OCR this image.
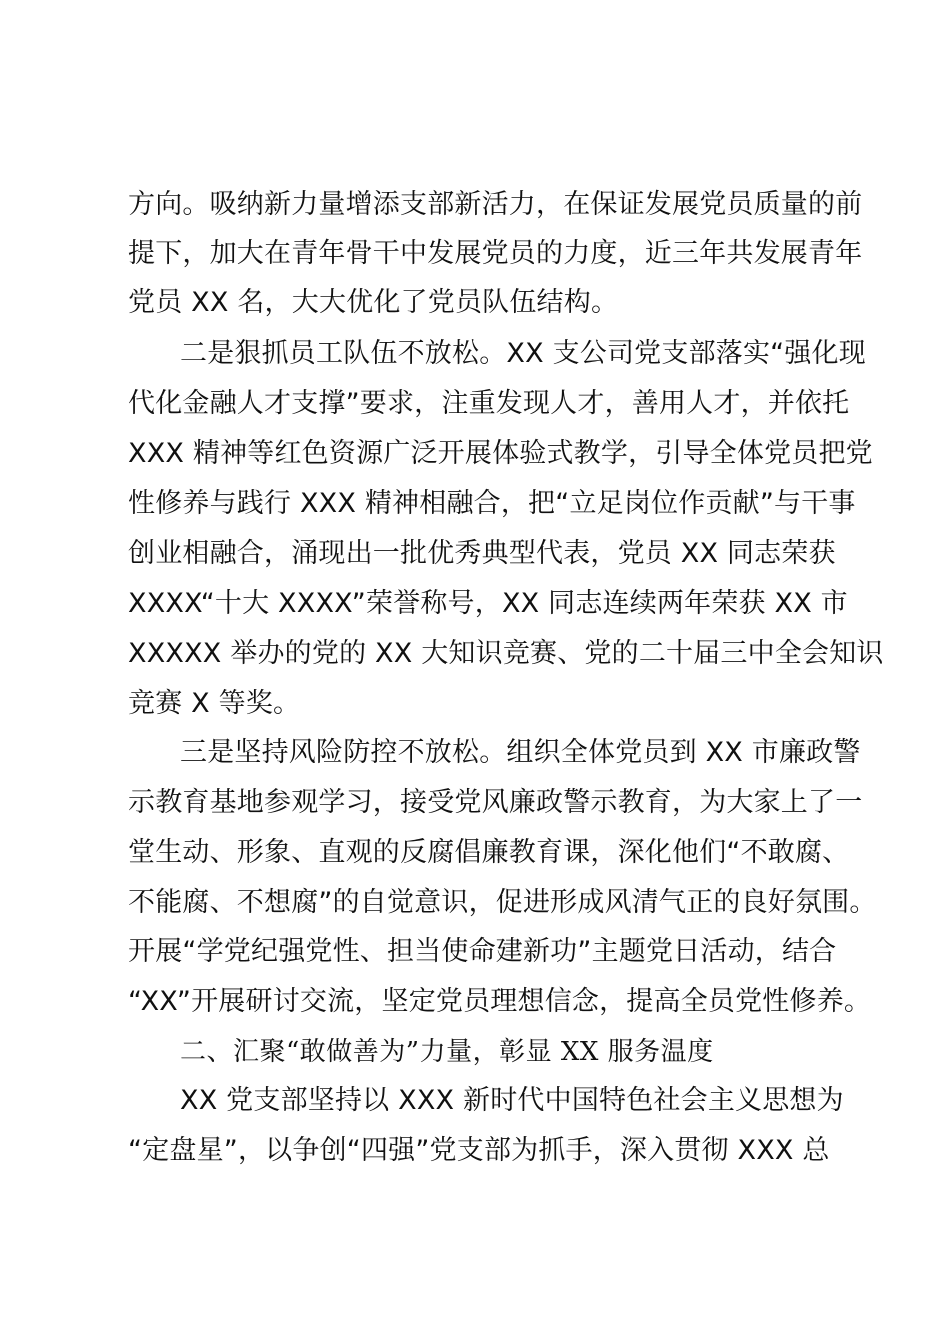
方向。吸纳新力量增添支部新活力，在保证发展党员质量的前

提下，加大在青年骨干中发展党员的力度，近三年共发展青年

党员 XX 名，大大优化了党员队伍结构。

二是狠抓员工队伍不放松。XX 支公司党支部落实“强化现

代化金融人才支撑”要求，注重发现人才，善用人才，并依托

XXX 精神等红色资源广泛开展体验式教学，引导全体党员把党

性修养与践行 XXX 精神相融合，把“立足岗位作贡献”与干事

创业相融合，涌现出一批优秀典型代表，党员 XX 同志荣获

XXXX“十大 XXXX”荣誉称号，XX 同志连续两年荣获 XX 市

XXXXX 举办的党的 XX 大知识竞赛、党的二十届三中全会知识

竞赛 X 等奖。

三是坚持风险防控不放松。组织全体党员到 XX 市廉政警

示教育基地参观学习，接受党风廉政警示教育，为大家上了一

堂生动、形象、直观的反腐倡廉教育课，深化他们“不敢腐、

不能腐、不想腐”的自觉意识，促进形成风清气正的良好氛围。

开展“学党纪强党性、担当使命建新功”主题党日活动，结合

“XX”开展研讨交流，坚定党员理想信念，提高全员党性修养。

二、汇聚“敢做善为”力量，彰显 XX 服务温度

XX 党支部坚持以 XXX 新时代中国特色社会主义思想为

“定盘星”，以争创“四强”党支部为抓手，深入贯彻 XXX 总
